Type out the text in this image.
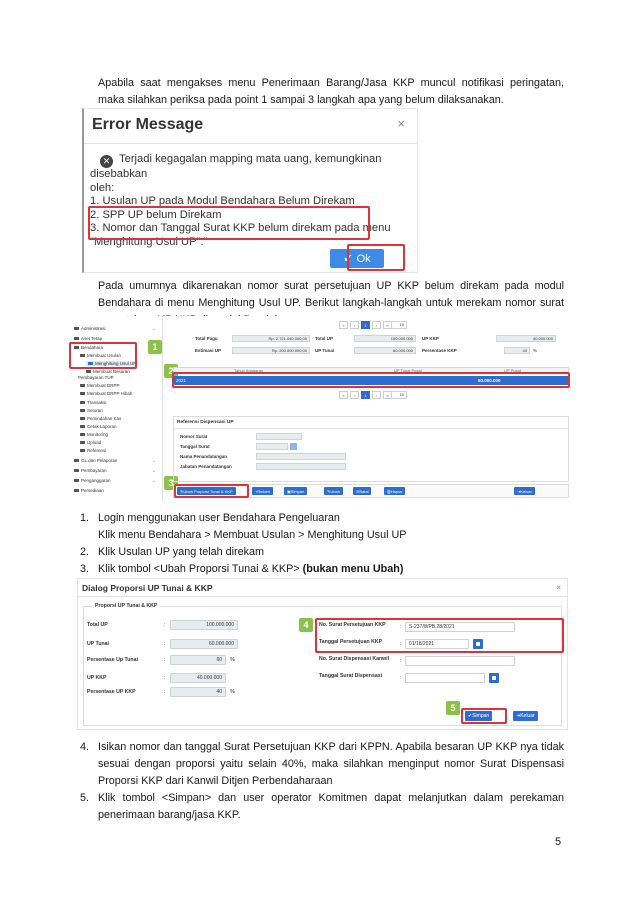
Apabila saat mengakses menu Penerimaan Barang/Jasa KKP muncul notifikasi peringatan, maka silahkan periksa pada point 1 sampai 3 langkah apa yang belum dilaksanakan.

Error Message	×
✕ Terjadi kegagalan mapping mata uang, kemungkinan disebabkan
oleh:
1. Usulan UP pada Modul Bendahara Belum Direkam
2. SPP UP belum Direkam
3. Nomor dan Tanggal Surat KKP belum direkam pada menu
"Menghitung Usul UP"."
✔ Ok

Pada umumnya dikarenakan nomor surat persetujuan UP KKP belum direkam pada modul Bendahara di menu Menghitung Usul UP. Berikut langkah-langkah untuk merekam nomor surat

Administrasi
Aset Tetap
Bendahara
Membuat Usulan
Menghitung Usul UP
Membuat Besaran
Pembayaran TUP
Membuat DRPP
Membuat DRPP Hibah
Transaksi
Setoran
Pemindahan Kas
Cetak Laporan
Monitoring
Upload
Referensi
GL dan Pelaporan
Pembayaran
Penganggaran
Persediaan
⌄
⌄
⌄
⌄
1
2
3
«	‹	1	›	»	10
Total Pagu	Rp. 2.721.040.000,00	Total UP	100.000.000	UP KKP	40.000.000
Estimasi UP	Rp. 200.000.000,00	UP Tunai	60.000.000	Persentase KKP	40	%
Tahun Anggaran	UP Tunai Pusat	UP Pusat
2021	60.000.000
«	‹	1	›	»	10
Referensi Dispensasi UP
Nomor Surat
Tanggal Surat
Nama Penandatangan
Jabatan Penandatangan
✎ Ubah Proporsi Tunai & KKP	+ Rekam	▣ Simpan	✎ Ubah	⊘ Batal	▥ Hapus	⇥ Keluar
1. Login menggunakan user Bendahara Pengeluaran
Klik menu Bendahara > Membuat Usulan > Menghitung Usul UP
2. Klik Usulan UP yang telah direkam
3. Klik tombol <Ubah Proporsi Tunai & KKP> (bukan menu Ubah)
Dialog Proporsi UP Tunai & KKP	×
Proporsi UP Tunai & KKP
Total UP	:	100.000.000
UP Tunai	:	60.000.000
Persentase Up Tunai	:	60	%
UP KKP	:	40.000.000
Persentase UP KKP	:	40	%
No. Surat Persetujuan KKP	:	S-237/WPB.28/2021
Tanggal Persetujuan KKP	:	01/18/2021
No. Surat Dispensasi Kanwil :
Tanggal Surat Dispensasi	:
4
✔ Simpan	⇥ Keluar
5
4. Isikan nomor dan tanggal Surat Persetujuan KKP dari KPPN. Apabila besaran UP KKP nya tidak sesuai dengan proporsi yaitu selain 40%, maka silahkan menginput nomor Surat Dispensasi Proporsi KKP dari Kanwil Ditjen Perbendaharaan
5. Klik tombol <Simpan> dan user operator Komitmen dapat melanjutkan dalam perekaman penerimaan barang/jasa KKP.
5
